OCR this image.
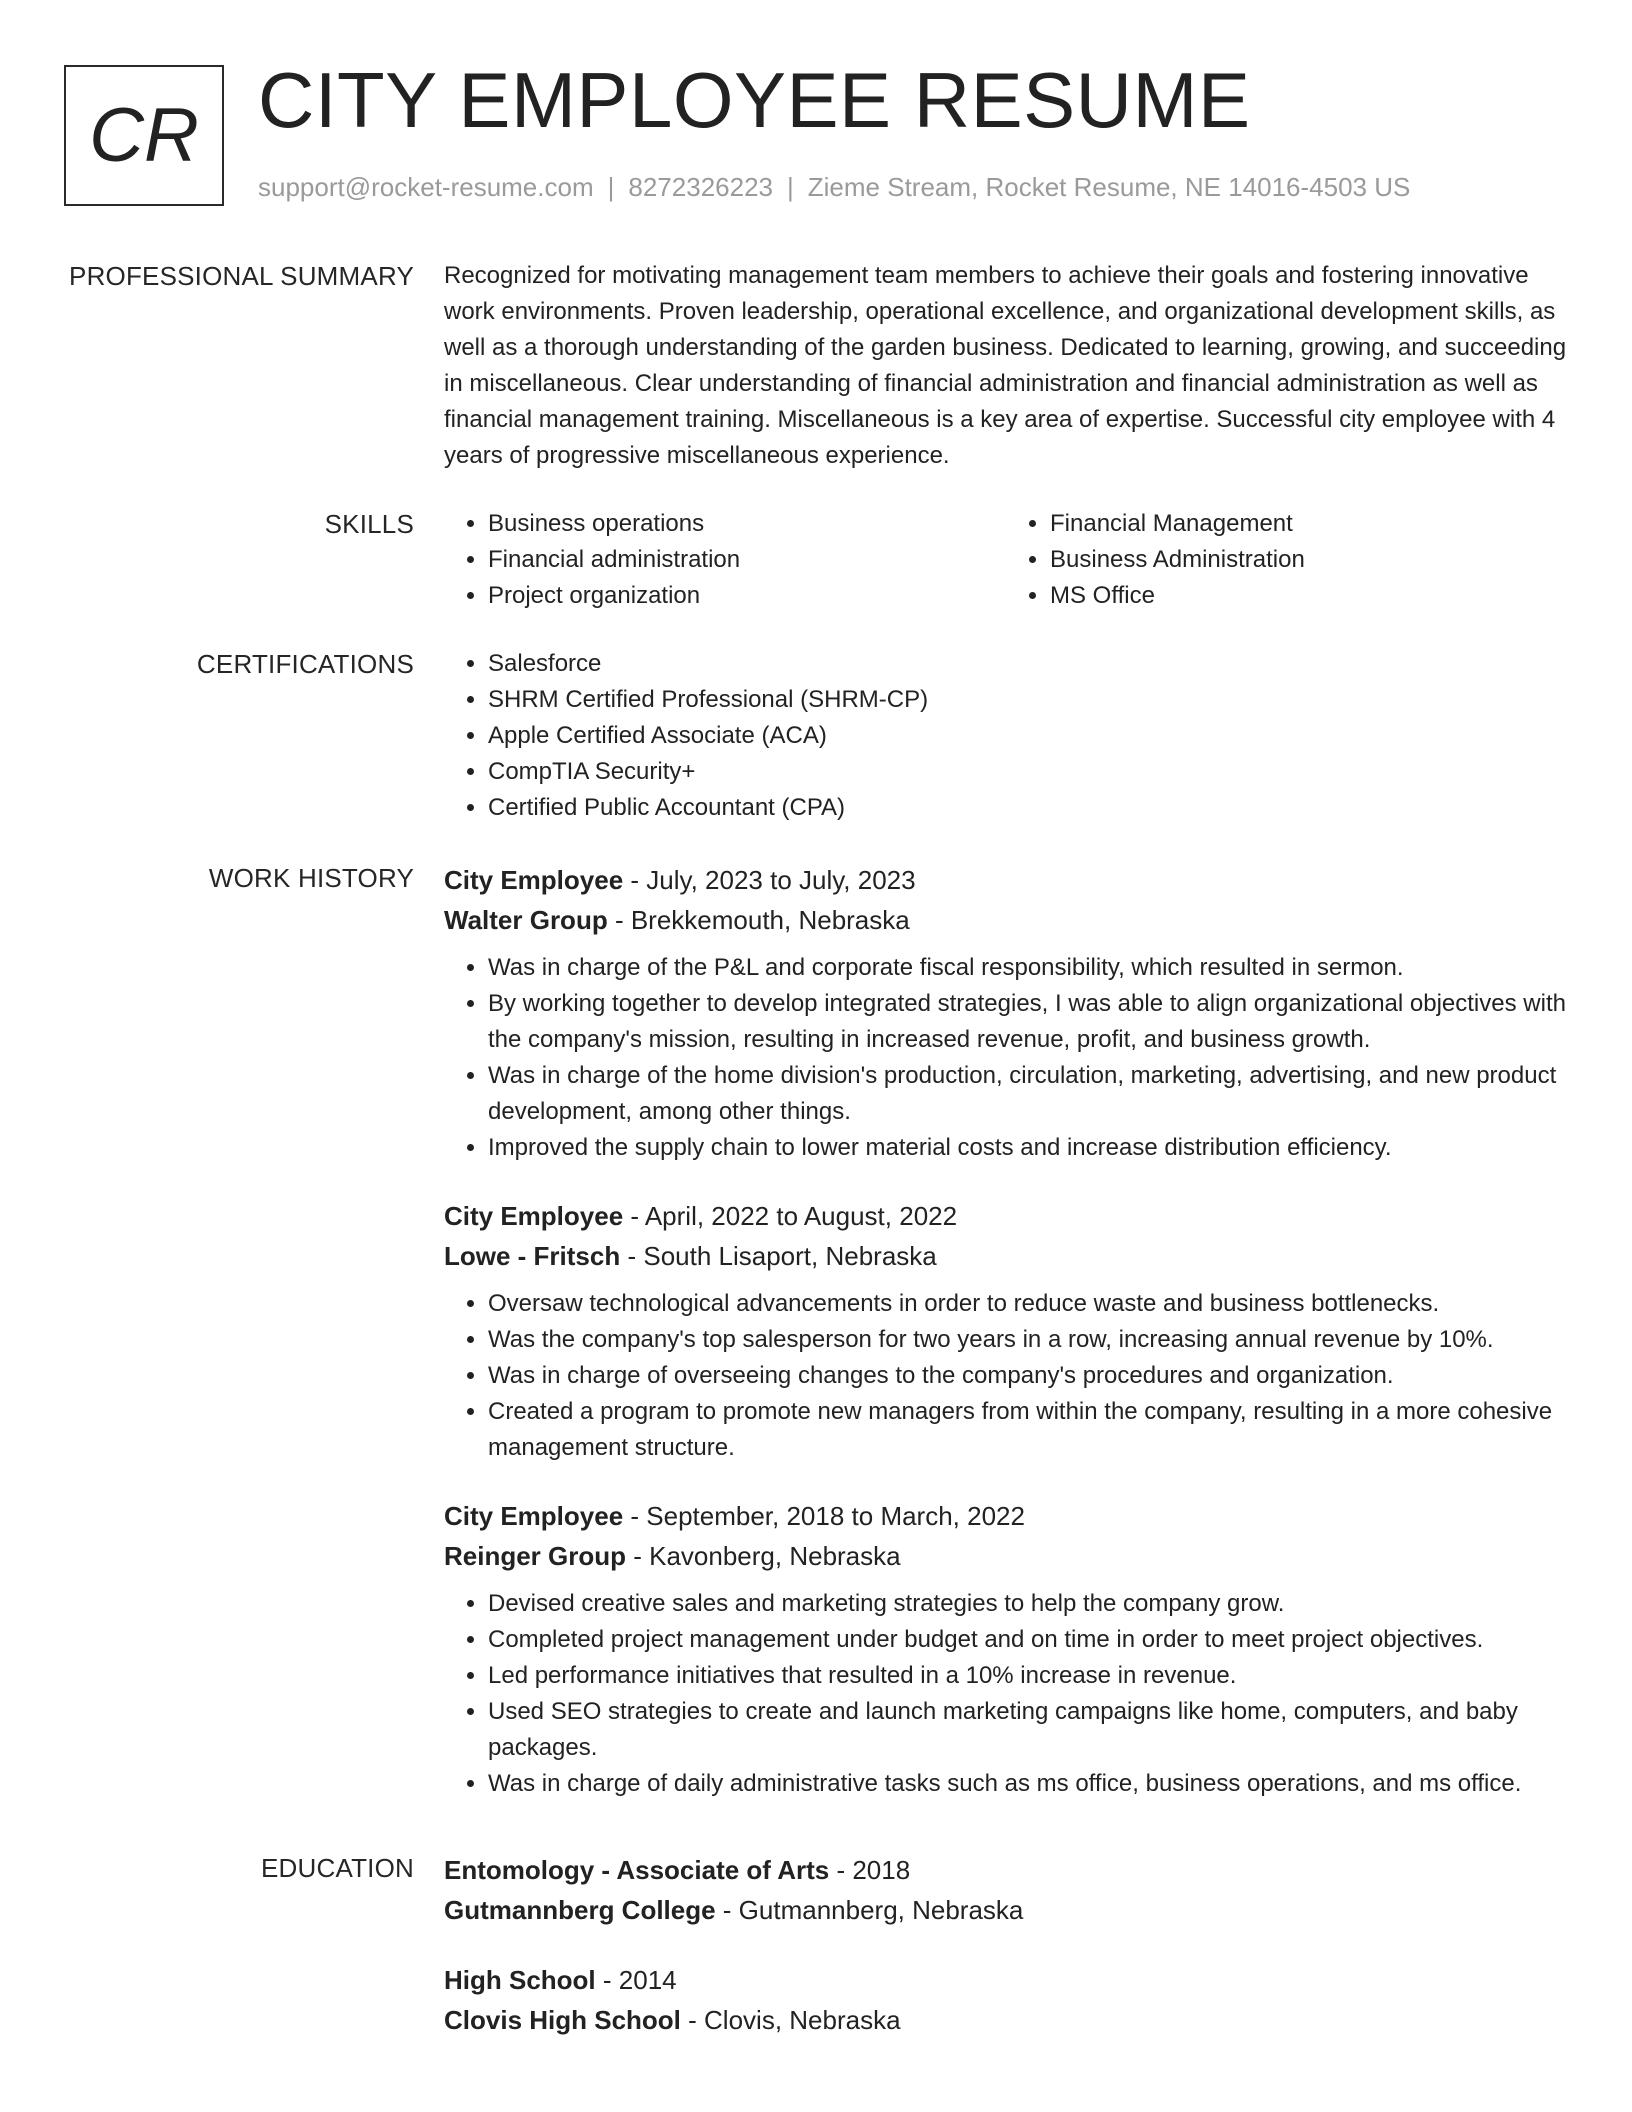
CR CITY EMPLOYEE RESUME
support@rocket-resume.com | 8272326223 | Zieme Stream, Rocket Resume, NE 14016-4503 US
PROFESSIONAL SUMMARY Recognized for motivating management team members to achieve their goals and fostering innovative work environments. Proven leadership, operational excellence, and organizational development skills, as well as a thorough understanding of the garden business. Dedicated to learning, growing, and succeeding in miscellaneous. Clear understanding of financial administration and financial administration as well as financial management training. Miscellaneous is a key area of expertise. Successful city employee with 4 years of progressive miscellaneous experience.

SKILLS	• Business operations
• Financial administration
• Project organization
• Financial Management
• Business Administration
• MS Office
CERTIFICATIONS	• Salesforce
• SHRM Certified Professional (SHRM-CP)
• Apple Certified Associate (ACA)
• CompTIA Security+
• Certified Public Accountant (CPA)
WORK HISTORY City Employee - July, 2023 to July, 2023
Walter Group - Brekkemouth, Nebraska
• Was in charge of the P&L and corporate fiscal responsibility, which resulted in sermon.
• By working together to develop integrated strategies, I was able to align organizational objectives with the company's mission, resulting in increased revenue, profit, and business growth.
• Was in charge of the home division's production, circulation, marketing, advertising, and new product development, among other things.
• Improved the supply chain to lower material costs and increase distribution efficiency.
City Employee - April, 2022 to August, 2022
Lowe - Fritsch - South Lisaport, Nebraska
• Oversaw technological advancements in order to reduce waste and business bottlenecks.
• Was the company's top salesperson for two years in a row, increasing annual revenue by 10%.
• Was in charge of overseeing changes to the company's procedures and organization.
• Created a program to promote new managers from within the company, resulting in a more cohesive management structure.
City Employee - September, 2018 to March, 2022
Reinger Group - Kavonberg, Nebraska
• Devised creative sales and marketing strategies to help the company grow.
• Completed project management under budget and on time in order to meet project objectives.
• Led performance initiatives that resulted in a 10% increase in revenue.
• Used SEO strategies to create and launch marketing campaigns like home, computers, and baby packages.
• Was in charge of daily administrative tasks such as ms office, business operations, and ms office.
EDUCATION Entomology - Associate of Arts - 2018
Gutmannberg College - Gutmannberg, Nebraska
High School - 2014
Clovis High School - Clovis, Nebraska
